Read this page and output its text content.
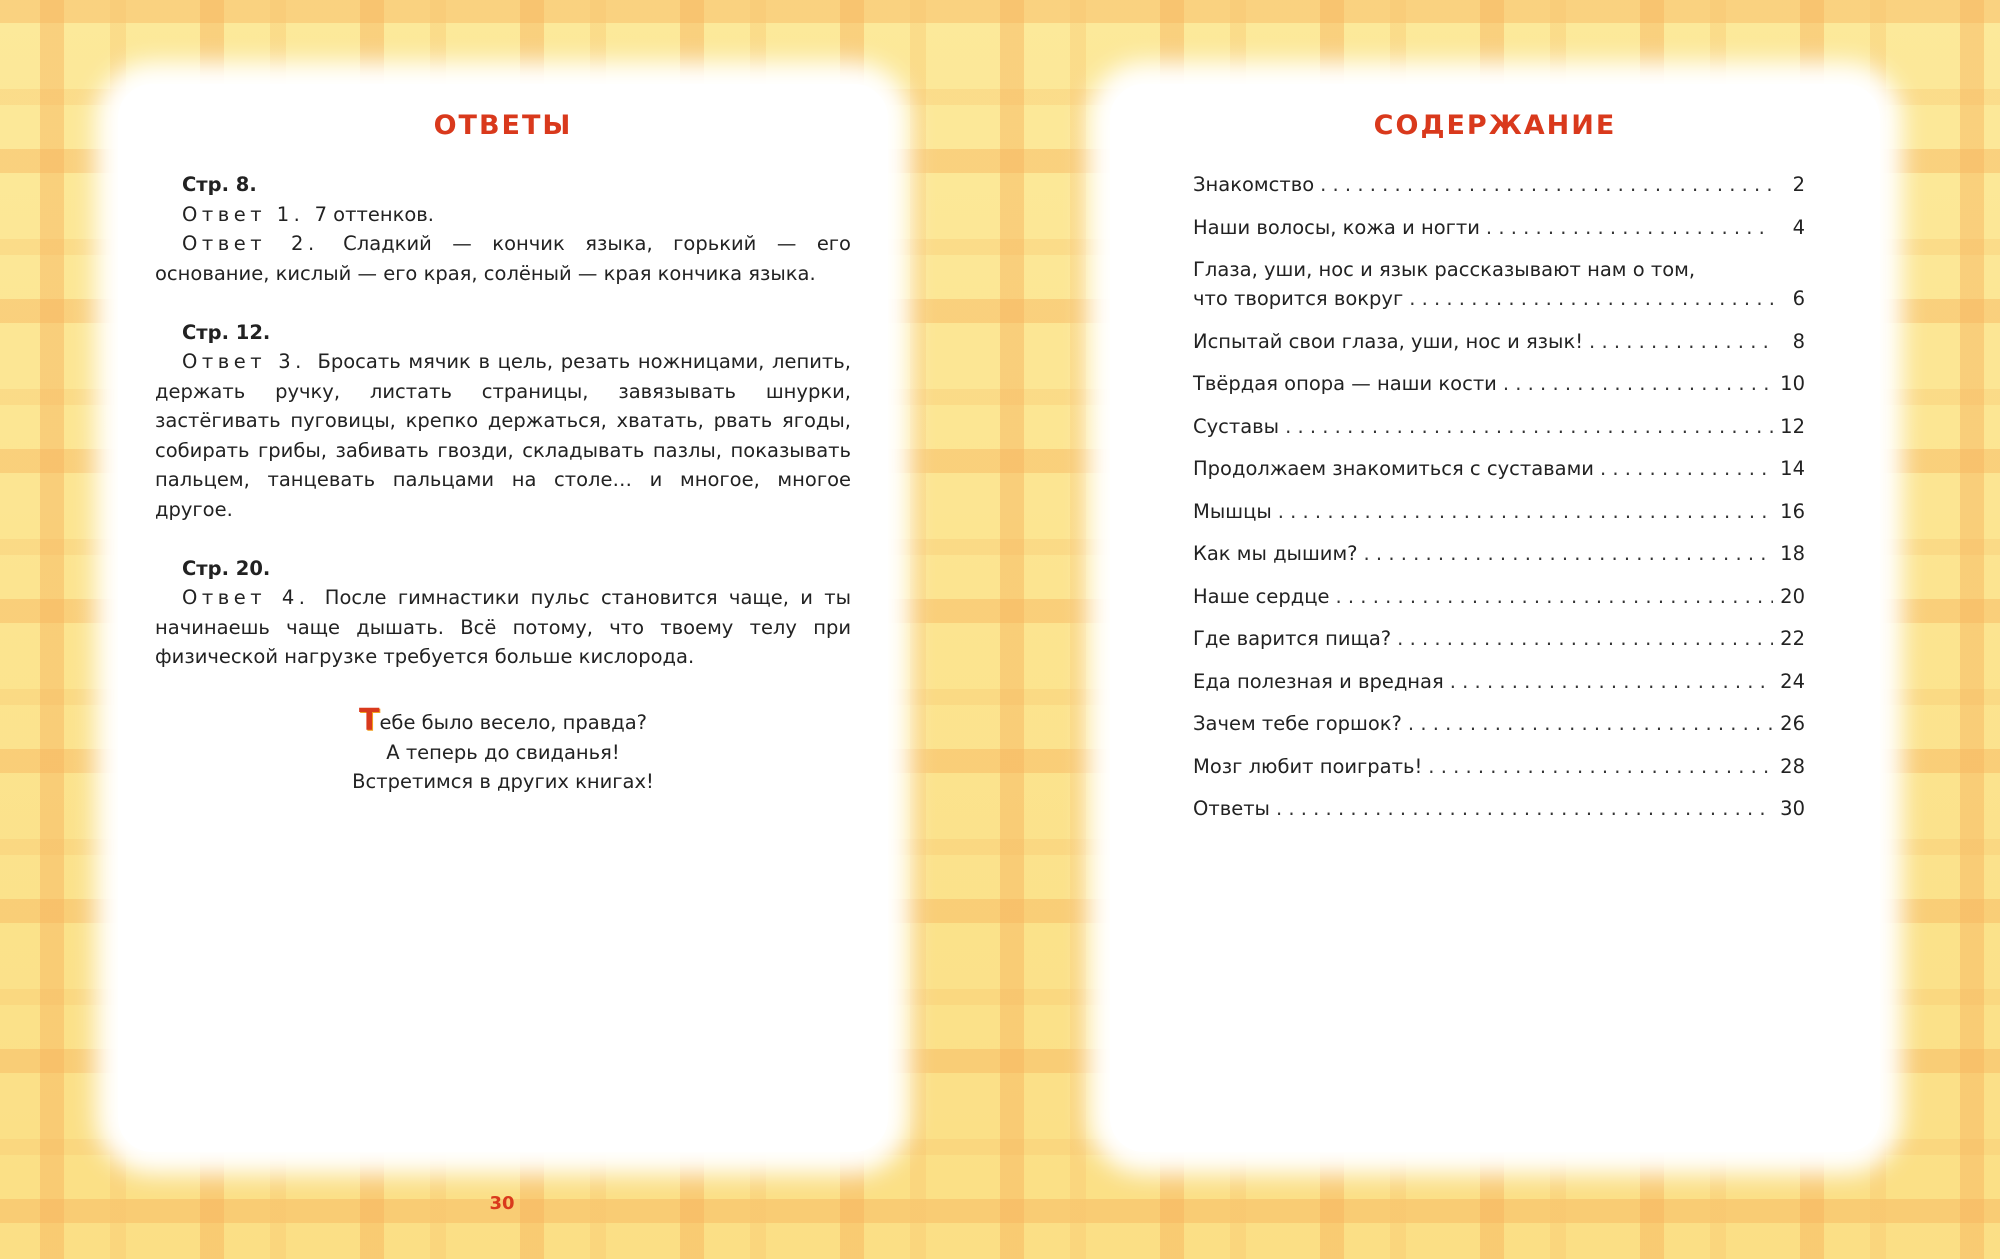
ОТВЕТЫ

Стр. 8.

Ответ 1. 7 оттенков.

Ответ 2. Сладкий — кончик языка, горький — его основание, кислый — его края, солёный — края кончика языка.

Стр. 12.

Ответ 3. Бросать мячик в цель, резать ножницами, лепить, держать ручку, листать страницы, завязывать шнурки, застёгивать пуговицы, крепко держаться, хватать, рвать ягоды, собирать грибы, забивать гвозди, складывать пазлы, показывать пальцем, танцевать пальцами на столе… и многое, многое другое.

Стр. 20.

Ответ 4. После гимнастики пульс становится чаще, и ты начинаешь чаще дышать. Всё потому, что твоему телу при физической нагрузке требуется больше кислорода.

Тебе было весело, правда?

А теперь до свиданья!

Встретимся в других книгах!

СОДЕРЖАНИЕ
Знакомство . . .	2
Наши волосы, кожа и ногти . . .	4
Глаза, уши, нос и язык рассказывают нам о том,
что творится вокруг . . .	6
Испытай свои глаза, уши, нос и язык! . . .	8
Твёрдая опора — наши кости . . .	10
Суставы . . .	12
Продолжаем знакомиться с суставами . . .	14
Мышцы . . .	16
Как мы дышим? . . .	18
Наше сердце . . .	20
Где варится пища? . . .	22
Еда полезная и вредная . . .	24
Зачем тебе горшок? . . .	26
Мозг любит поиграть! . . .	28
Ответы . . .	30
30
